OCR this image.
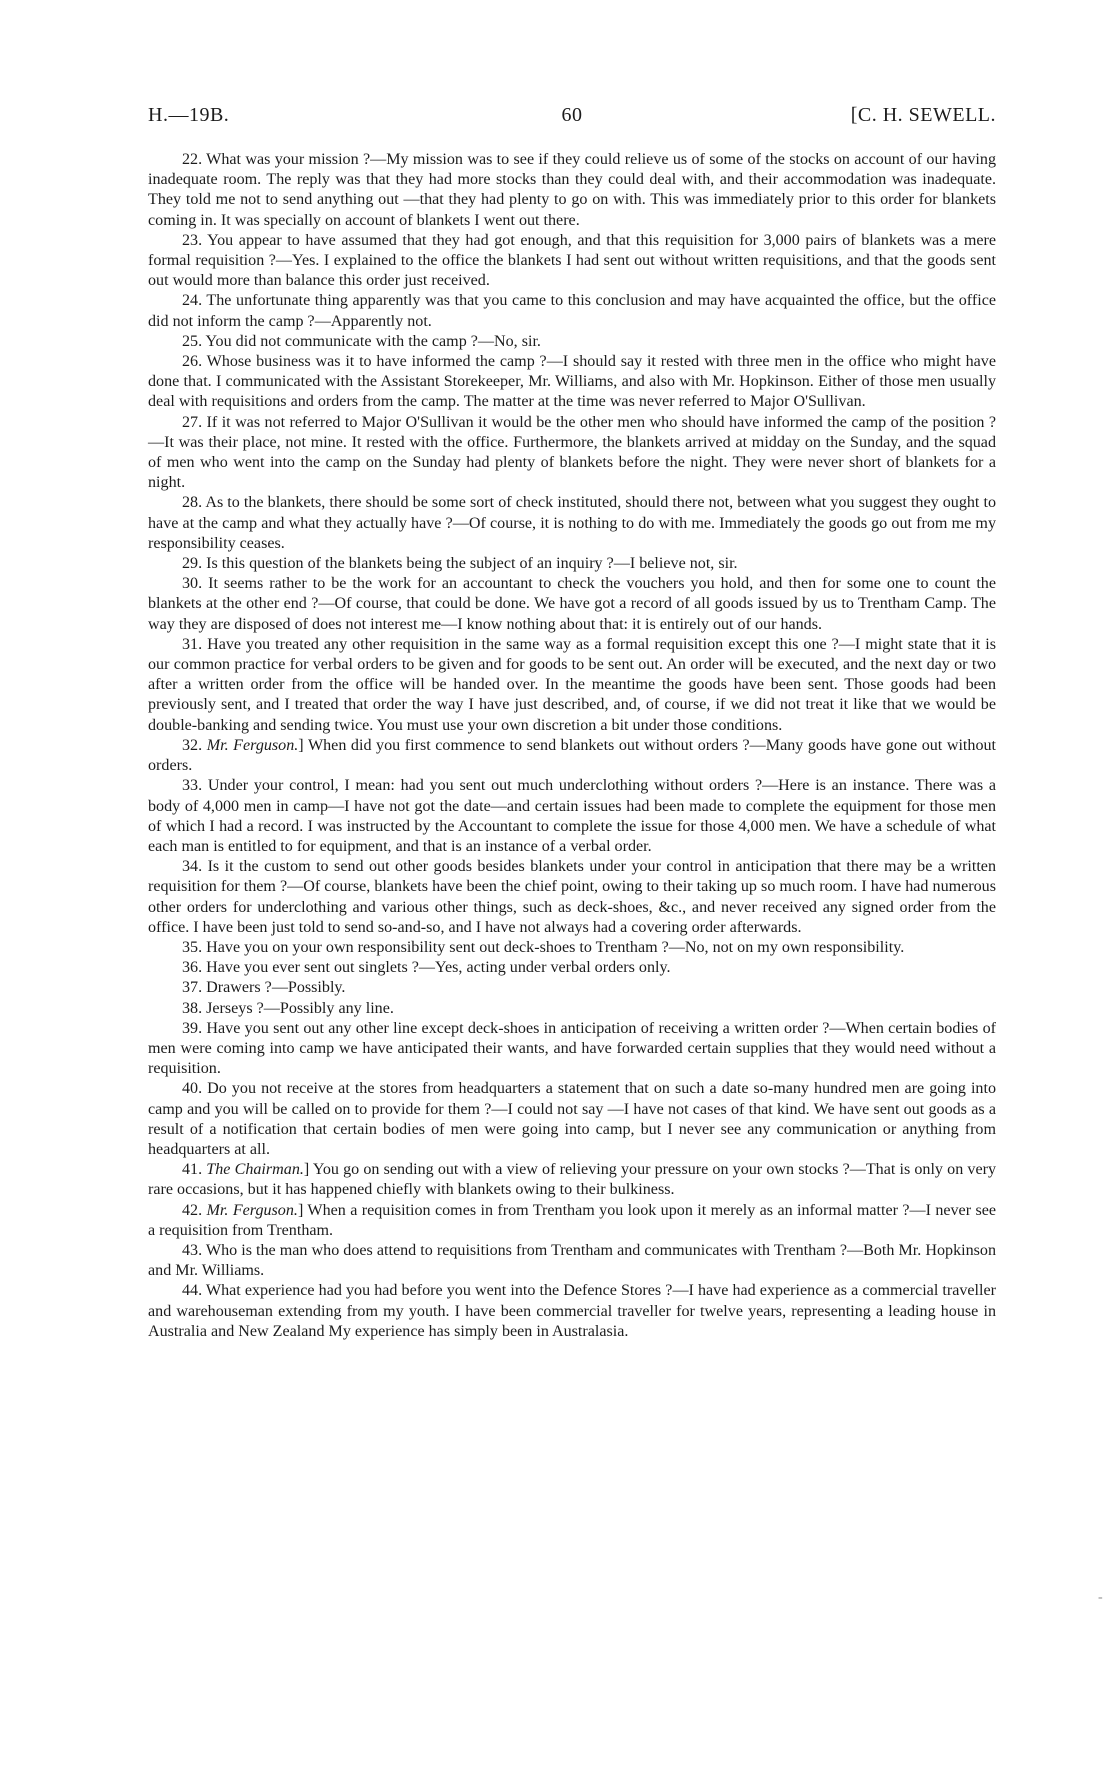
H.—19B.	60	[C. H. SEWELL.

22. What was your mission ?—My mission was to see if they could relieve us of some of the stocks on account of our having inadequate room. The reply was that they had more stocks than they could deal with, and their accommodation was inadequate. They told me not to send anything out —that they had plenty to go on with. This was immediately prior to this order for blankets coming in. It was specially on account of blankets I went out there.

23. You appear to have assumed that they had got enough, and that this requisition for 3,000 pairs of blankets was a mere formal requisition ?—Yes. I explained to the office the blankets I had sent out without written requisitions, and that the goods sent out would more than balance this order just received.

24. The unfortunate thing apparently was that you came to this conclusion and may have acquainted the office, but the office did not inform the camp ?—Apparently not.

25. You did not communicate with the camp ?—No, sir.

26. Whose business was it to have informed the camp ?—I should say it rested with three men in the office who might have done that. I communicated with the Assistant Storekeeper, Mr. Williams, and also with Mr. Hopkinson. Either of those men usually deal with requisitions and orders from the camp. The matter at the time was never referred to Major O'Sullivan.

27. If it was not referred to Major O'Sullivan it would be the other men who should have informed the camp of the position ?—It was their place, not mine. It rested with the office. Furthermore, the blankets arrived at midday on the Sunday, and the squad of men who went into the camp on the Sunday had plenty of blankets before the night. They were never short of blankets for a night.

28. As to the blankets, there should be some sort of check instituted, should there not, between what you suggest they ought to have at the camp and what they actually have ?—Of course, it is nothing to do with me. Immediately the goods go out from me my responsibility ceases.

29. Is this question of the blankets being the subject of an inquiry ?—I believe not, sir.

30. It seems rather to be the work for an accountant to check the vouchers you hold, and then for some one to count the blankets at the other end ?—Of course, that could be done. We have got a record of all goods issued by us to Trentham Camp. The way they are disposed of does not interest me—I know nothing about that: it is entirely out of our hands.

31. Have you treated any other requisition in the same way as a formal requisition except this one ?—I might state that it is our common practice for verbal orders to be given and for goods to be sent out. An order will be executed, and the next day or two after a written order from the office will be handed over. In the meantime the goods have been sent. Those goods had been previously sent, and I treated that order the way I have just described, and, of course, if we did not treat it like that we would be double-banking and sending twice. You must use your own discretion a bit under those conditions.

32. Mr. Ferguson.] When did you first commence to send blankets out without orders ?—Many goods have gone out without orders.

33. Under your control, I mean: had you sent out much underclothing without orders ?—Here is an instance. There was a body of 4,000 men in camp—I have not got the date—and certain issues had been made to complete the equipment for those men of which I had a record. I was instructed by the Accountant to complete the issue for those 4,000 men. We have a schedule of what each man is entitled to for equipment, and that is an instance of a verbal order.

34. Is it the custom to send out other goods besides blankets under your control in anticipation that there may be a written requisition for them ?—Of course, blankets have been the chief point, owing to their taking up so much room. I have had numerous other orders for underclothing and various other things, such as deck-shoes, &c., and never received any signed order from the office. I have been just told to send so-and-so, and I have not always had a covering order afterwards.

35. Have you on your own responsibility sent out deck-shoes to Trentham ?—No, not on my own responsibility.

36. Have you ever sent out singlets ?—Yes, acting under verbal orders only.

37. Drawers ?—Possibly.

38. Jerseys ?—Possibly any line.

39. Have you sent out any other line except deck-shoes in anticipation of receiving a written order ?—When certain bodies of men were coming into camp we have anticipated their wants, and have forwarded certain supplies that they would need without a requisition.

40. Do you not receive at the stores from headquarters a statement that on such a date so-many hundred men are going into camp and you will be called on to provide for them ?—I could not say —I have not cases of that kind. We have sent out goods as a result of a notification that certain bodies of men were going into camp, but I never see any communication or anything from headquarters at all.

41. The Chairman.] You go on sending out with a view of relieving your pressure on your own stocks ?—That is only on very rare occasions, but it has happened chiefly with blankets owing to their bulkiness.

42. Mr. Ferguson.] When a requisition comes in from Trentham you look upon it merely as an informal matter ?—I never see a requisition from Trentham.

43. Who is the man who does attend to requisitions from Trentham and communicates with Trentham ?—Both Mr. Hopkinson and Mr. Williams.

44. What experience had you had before you went into the Defence Stores ?—I have had experience as a commercial traveller and warehouseman extending from my youth. I have been commercial traveller for twelve years, representing a leading house in Australia and New Zealand My experience has simply been in Australasia.

-
